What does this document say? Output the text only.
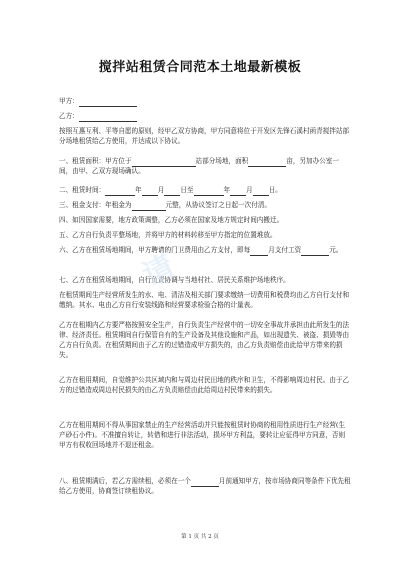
搅拌站租赁合同范本土地最新模板
甲方：
乙方：
按照互惠互利、平等自愿的原则，经甲乙双方协商，甲方同意将位于开发区先锋石溪村函青搅拌站部分场地租赁给乙方使用，并达成以下协议。
一、租赁面积：甲方位于	站部分场地，面积	亩，另加办公室一间，由甲、乙双方现场确认。
二、租赁时间：	年 月 日至	年 月 日。
三、租金支付：年租金为	元整，从协议签订之日起一次付清。
四、如因国家需要，地方政策调整，乙方必须在国家及地方规定时间内搬迁。
五、乙方自行负责平整场地，并将甲方的材料转移至甲方指定的位置堆放。
六、乙方在租赁场地期间，甲方聘请的门卫费用由乙方支付，即每	月支付工资	元。
七、乙方在租赁场地期间，自行负责协调与当地村社、居民关系维护场地秩序。
在租赁期间生产经营所发生的水、电、清洁及相关部门要求缴纳一切费用和税费均由乙方自行支付和缴纳。其水、电由乙方自行安装线路和经营要求检验合格的计量表。
乙方在租期内乙方要严格按照安全生产，自行负责生产经营中的一切安全事故并承担由此所发生的法律、经济责任。租赁期间自行保管自有的生产设备及其他设施和产品，如出现遗失、被盗、损毁等由乙方自行负责。在租赁期间由于乙方的过错造成甲方损失的，由乙方负责赔偿由此给甲方带来的损失。
乙方在租用期间，自觉维护公共区域内和与周边村民田地的秩序和卫生，不得影响周边村民。由于乙方的过错造成周边村民损失的由乙方负责赔偿由此给周边村民带来的损失。
乙方在租用期间不得从事国家禁止的生产经营活动并只能按租赁时协商的租用性质进行生产经营(生产砂石小件)。不准擅自转让，转借和进行非法活动，损坏甲方利益，要转让应征得甲方同意，否则甲方有权收回场地并不退还租金。
八、租赁期满后，若乙方需续租，必须在一个	月前通知甲方，按市场协商同等条件下优先租给乙方使用，协商签订续租协议。
请
第 1 页 共 2 页
